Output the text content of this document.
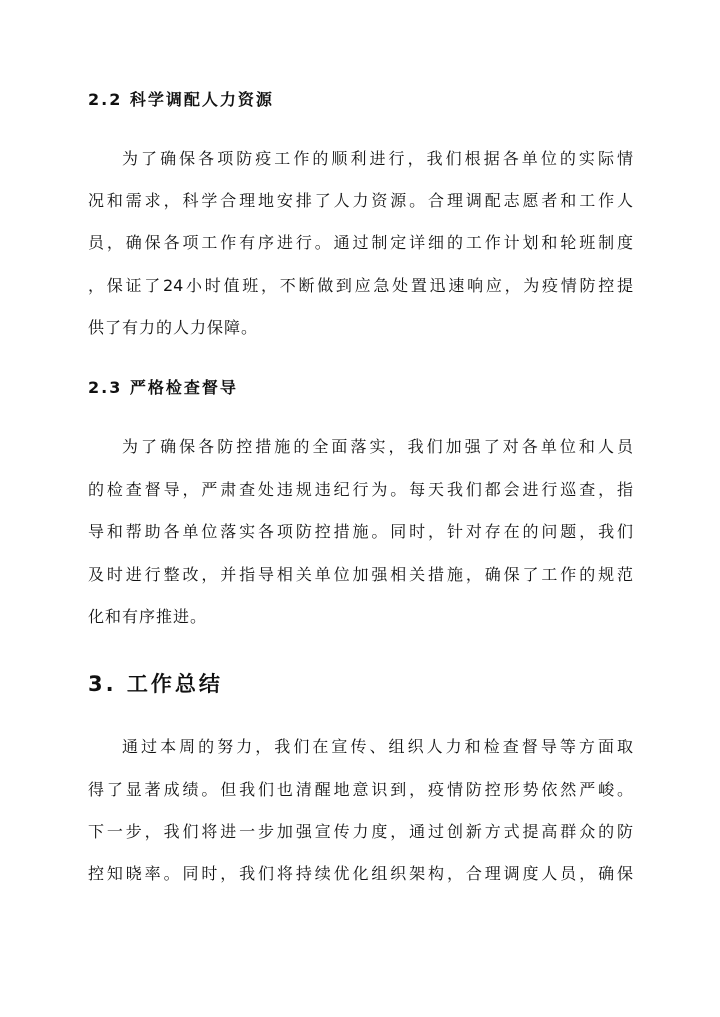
2.2 科学调配人力资源
为了确保各项防疫工作的顺利进行，我们根据各单位的实际情
况和需求，科学合理地安排了人力资源。合理调配志愿者和工作人
员，确保各项工作有序进行。通过制定详细的工作计划和轮班制度
，保证了24小时值班，不断做到应急处置迅速响应，为疫情防控提
供了有力的人力保障。
2.3 严格检查督导
为了确保各防控措施的全面落实，我们加强了对各单位和人员
的检查督导，严肃查处违规违纪行为。每天我们都会进行巡查，指
导和帮助各单位落实各项防控措施。同时，针对存在的问题，我们
及时进行整改，并指导相关单位加强相关措施，确保了工作的规范
化和有序推进。
3. 工作总结
通过本周的努力，我们在宣传、组织人力和检查督导等方面取
得了显著成绩。但我们也清醒地意识到，疫情防控形势依然严峻。
下一步，我们将进一步加强宣传力度，通过创新方式提高群众的防
控知晓率。同时，我们将持续优化组织架构，合理调度人员，确保
